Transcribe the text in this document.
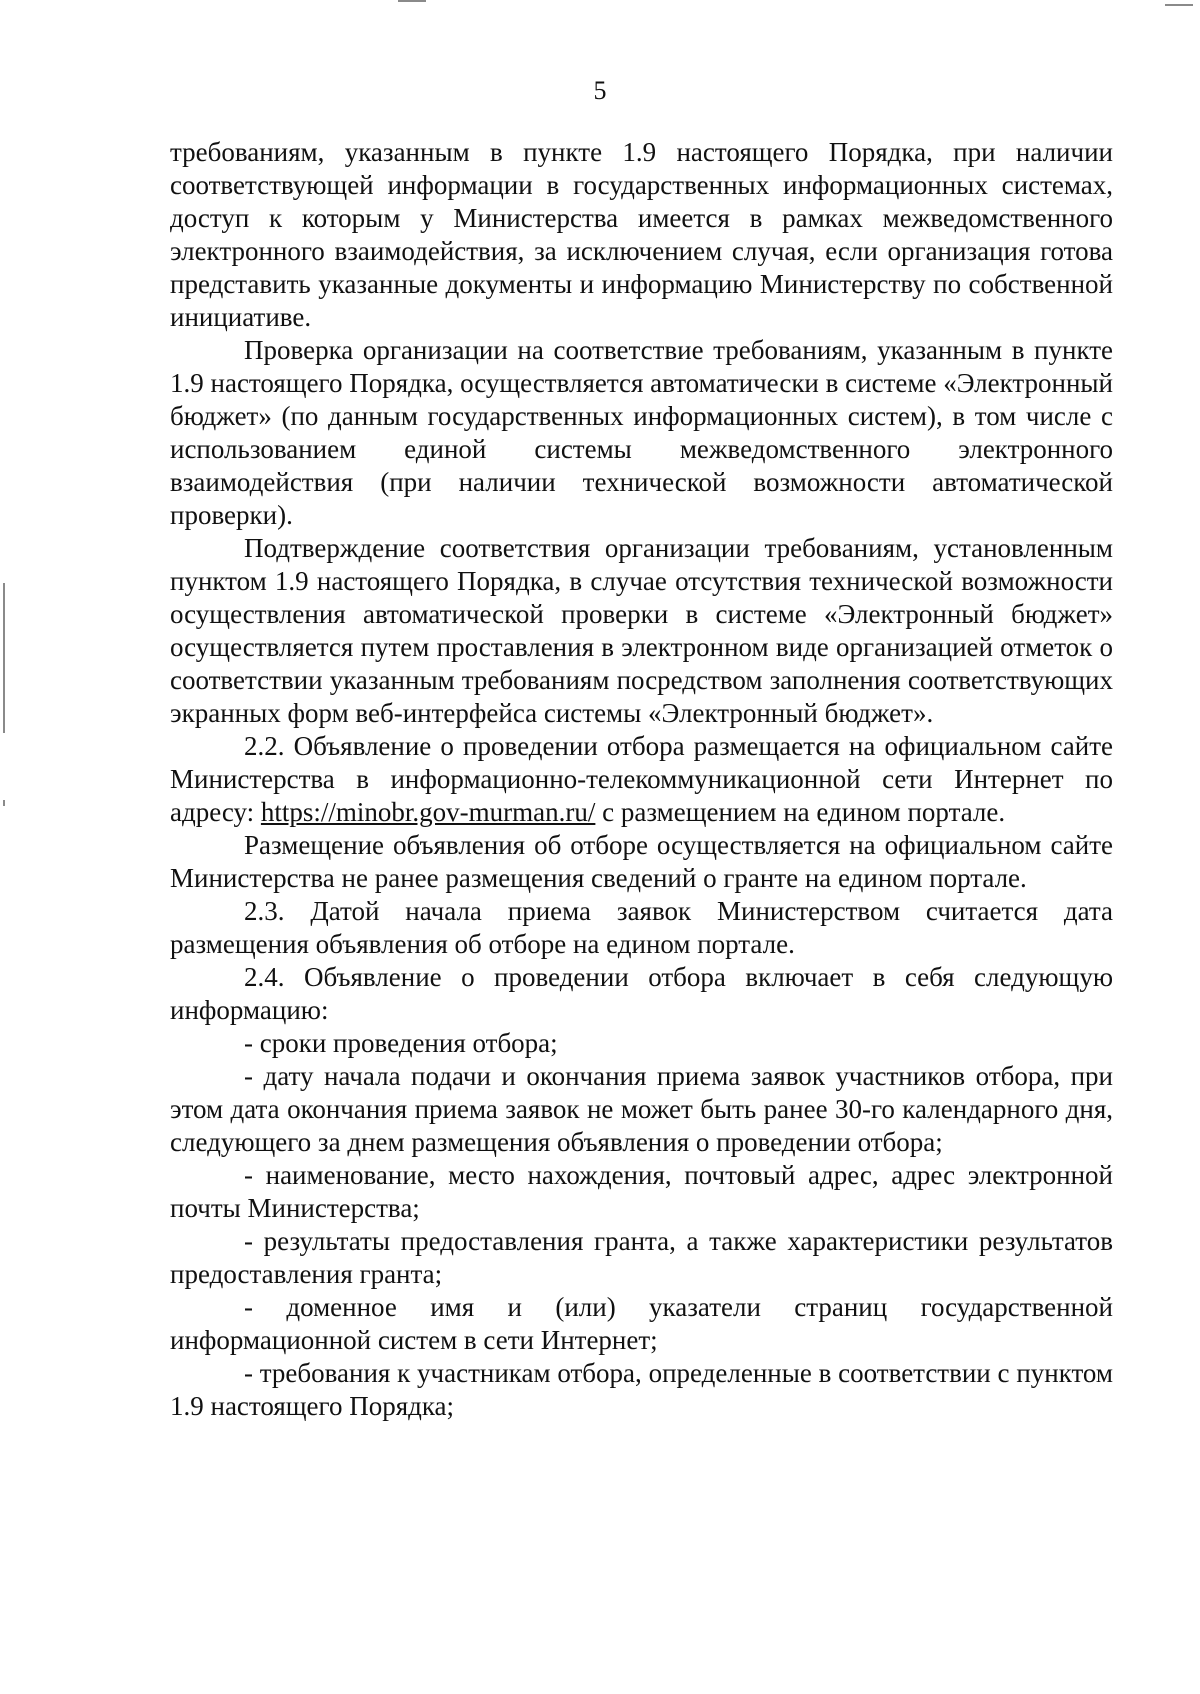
5

требованиям, указанным в пункте 1.9 настоящего Порядка, при наличии соответствующей информации в государственных информационных системах, доступ к которым у Министерства имеется в рамках межведомственного электронного взаимодействия, за исключением случая, если организация готова представить указанные документы и информацию Министерству по собственной инициативе.

Проверка организации на соответствие требованиям, указанным в пункте 1.9 настоящего Порядка, осуществляется автоматически в системе «Электронный бюджет» (по данным государственных информационных систем), в том числе с использованием единой системы межведомственного электронного взаимодействия (при наличии технической возможности автоматической проверки).

Подтверждение соответствия организации требованиям, установленным пунктом 1.9 настоящего Порядка, в случае отсутствия технической возможности осуществления автоматической проверки в системе «Электронный бюджет» осуществляется путем проставления в электронном виде организацией отметок о соответствии указанным требованиям посредством заполнения соответствующих экранных форм веб-интерфейса системы «Электронный бюджет».

2.2. Объявление о проведении отбора размещается на официальном сайте Министерства в информационно-телекоммуникационной сети Интернет по адресу: https://minobr.gov-murman.ru/ с размещением на едином портале.

Размещение объявления об отборе осуществляется на официальном сайте Министерства не ранее размещения сведений о гранте на едином портале.

2.3. Датой начала приема заявок Министерством считается дата размещения объявления об отборе на едином портале.

2.4. Объявление о проведении отбора включает в себя следующую информацию:

- сроки проведения отбора;

- дату начала подачи и окончания приема заявок участников отбора, при этом дата окончания приема заявок не может быть ранее 30-го календарного дня, следующего за днем размещения объявления о проведении отбора;

- наименование, место нахождения, почтовый адрес, адрес электронной почты Министерства;

- результаты предоставления гранта, а также характеристики результатов предоставления гранта;

- доменное имя и (или) указатели страниц государственной информационной систем в сети Интернет;

- требования к участникам отбора, определенные в соответствии с пунктом 1.9 настоящего Порядка;
